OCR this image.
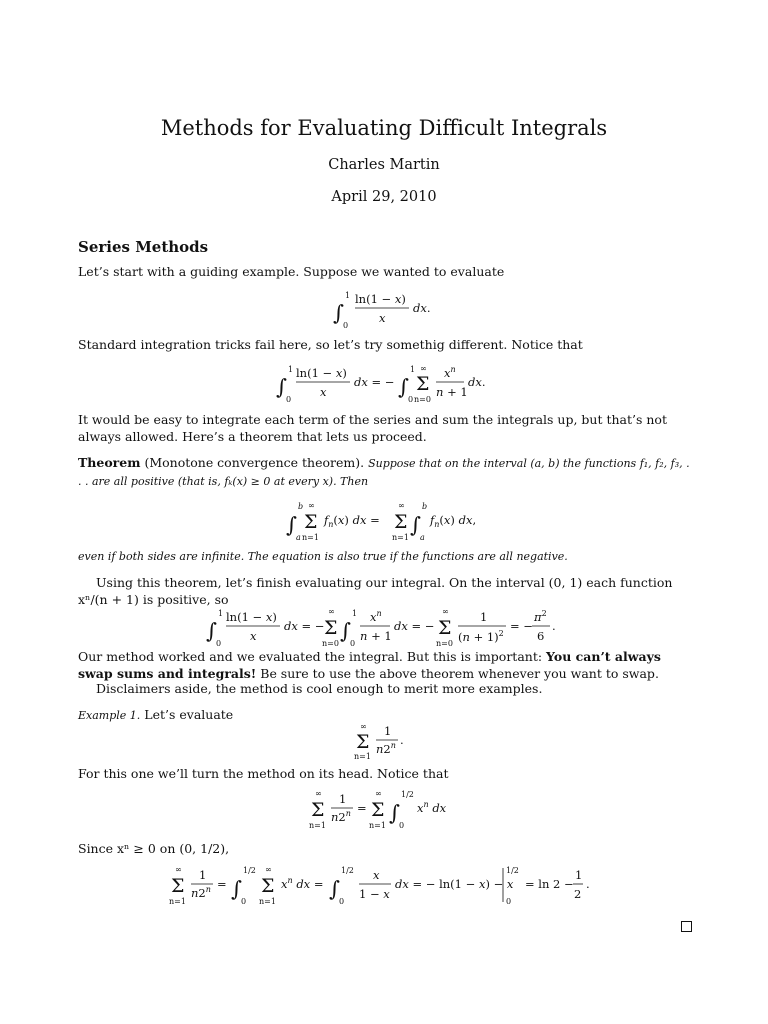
Methods for Evaluating Difficult Integrals
Charles Martin
April 29, 2010
Series Methods

Let’s start with a guiding example. Suppose we wanted to evaluate

∫
1
0
ln(1 − x)
x
dx.

Standard integration tricks fail here, so let’s try somethig different. Notice that

∫
1
0
ln(1 − x)
x
dx = − ∫
1
0
Σ
∞
n=0
$x^n$
n + 1
dx.

It would be easy to integrate each term of the series and sum the integrals up, but that’s not always allowed. Here’s a theorem that lets us proceed.

Theorem (Monotone convergence theorem). Suppose that on the interval (a, b) the functions f₁, f₂, f₃, . . . are all positive (that is, fₖ(x) ≥ 0 at every x). Then

∫
b
a
Σ
∞
n=1
$f_n(x)$ dx = Σ
∞
n=1
∫
b
a
$f_n(x)$ dx,

even if both sides are infinite. The equation is also true if the functions are all negative.

Using this theorem, let’s finish evaluating our integral. On the interval (0, 1) each function xⁿ/(n + 1) is positive, so

∫
1
0
ln(1 − x)
x
dx = − Σ
∞
n=0
∫
1
0
$x^n$
n + 1
dx = − Σ
∞
n=0
1
$(n + 1)^2$
= −
$\pi^2$
6
.

Our method worked and we evaluated the integral. But this is important: You can’t always swap sums and integrals! Be sure to use the above theorem whenever you want to swap.

Disclaimers aside, the method is cool enough to merit more examples.

Example 1. Let’s evaluate

Σ
∞
n=1
1
n2$^n$ .

For this one we’ll turn the method on its head. Notice that

Σ
∞
n=1
1
$n2^n = \Sigma$
∞
n=1
∫
1/2
0
$x^n$ dx

Since xⁿ ≥ 0 on (0, 1/2),

Σ
∞
n=1
1
$n2^n$ = ∫
1/2
0
Σ
∞
n=1
$x^n$ dx = ∫
1/2
0
x
1 − x
dx = − ln(1 − x) − x
1/2
0
= ln 2 −
1
2
.
